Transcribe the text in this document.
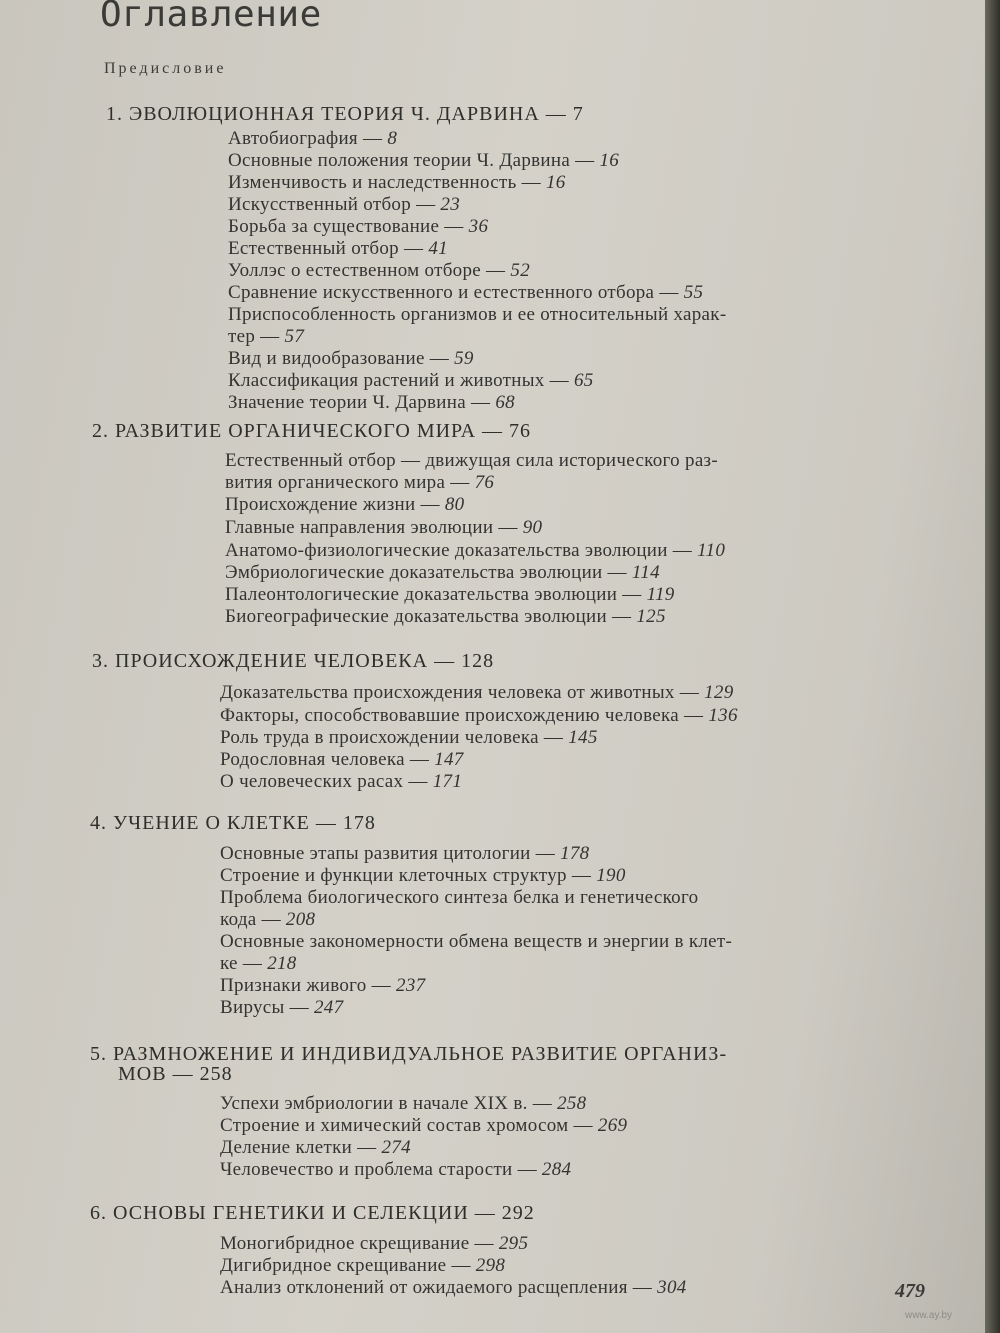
Оглавление
Предисловие
1. ЭВОЛЮЦИОННАЯ ТЕОРИЯ Ч. ДАРВИНА — 7
Автобиография — 8
Основные положения теории Ч. Дарвина — 16
Изменчивость и наследственность — 16
Искусственный отбор — 23
Борьба за существование — 36
Естественный отбор — 41
Уоллэс о естественном отборе — 52
Сравнение искусственного и естественного отбора — 55
Приспособленность организмов и ее относительный харак-
тер — 57
Вид и видообразование — 59
Классификация растений и животных — 65
Значение теории Ч. Дарвина — 68
2. РАЗВИТИЕ ОРГАНИЧЕСКОГО МИРА — 76
Естественный отбор — движущая сила исторического раз-
вития органического мира — 76
Происхождение жизни — 80
Главные направления эволюции — 90
Анатомо-физиологические доказательства эволюции — 110
Эмбриологические доказательства эволюции — 114
Палеонтологические доказательства эволюции — 119
Биогеографические доказательства эволюции — 125
3. ПРОИСХОЖДЕНИЕ ЧЕЛОВЕКА — 128
Доказательства происхождения человека от животных — 129
Факторы, способствовавшие происхождению человека — 136
Роль труда в происхождении человека — 145
Родословная человека — 147
О человеческих расах — 171
4. УЧЕНИЕ О КЛЕТКЕ — 178
Основные этапы развития цитологии — 178
Строение и функции клеточных структур — 190
Проблема биологического синтеза белка и генетического
кода — 208
Основные закономерности обмена веществ и энергии в клет-
ке — 218
Признаки живого — 237
Вирусы — 247
5. РАЗМНОЖЕНИЕ И ИНДИВИДУАЛЬНОЕ РАЗВИТИЕ ОРГАНИЗ-
МОВ — 258
Успехи эмбриологии в начале XIX в. — 258
Строение и химический состав хромосом — 269
Деление клетки — 274
Человечество и проблема старости — 284
6. ОСНОВЫ ГЕНЕТИКИ И СЕЛЕКЦИИ — 292
Моногибридное скрещивание — 295
Дигибридное скрещивание — 298
Анализ отклонений от ожидаемого расщепления — 304	479
www.ay.by
